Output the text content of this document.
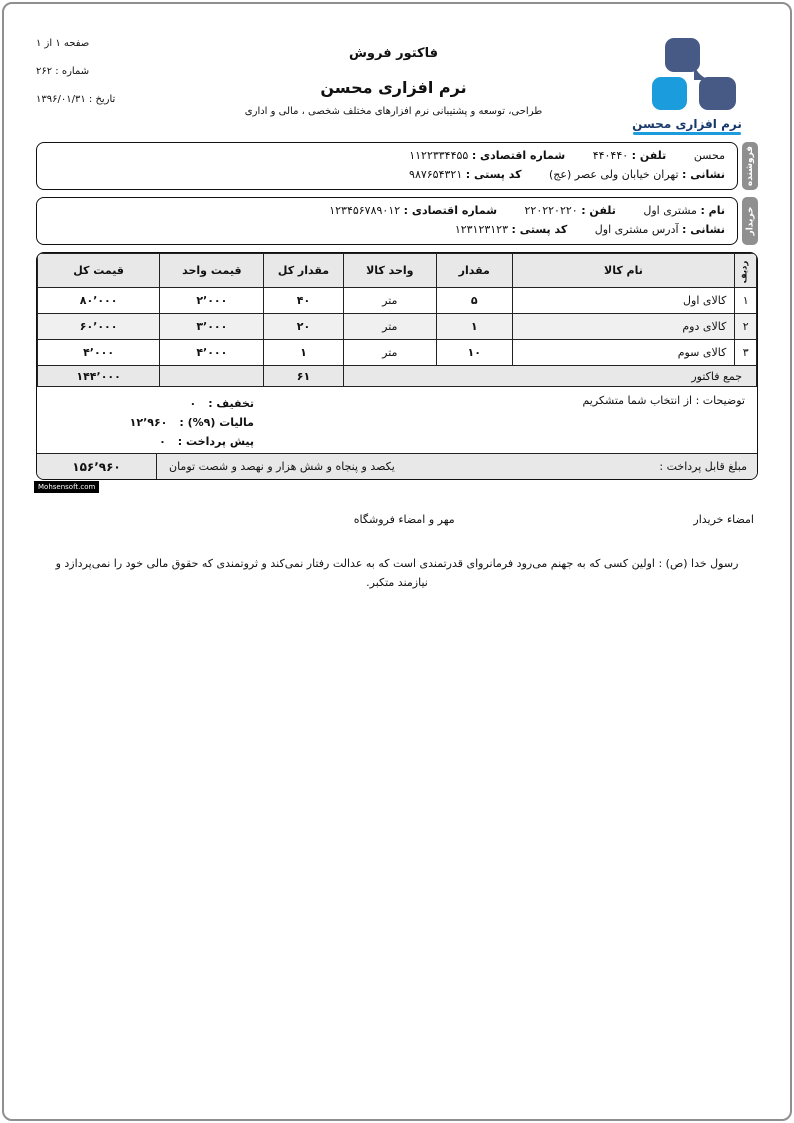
نرم افزاری محسن
فاکتور فروش
نرم افزاری محسن
طراحی، توسعه و پشتیبانی نرم افزارهای مختلف شخصی ، مالی و اداری
صفحه ۱ از ۱
شماره : ۲۶۲
تاریخ : ۱۳۹۶/۰۱/۳۱
محسن تلفن : ۴۴۰۴۴۰ شماره اقتصادی : ۱۱۲۲۳۳۴۴۵۵
نشانی : تهران خیابان ولی عصر (عج) کد پستی : ۹۸۷۶۵۴۳۲۱	فروشنده
نام : مشتری اول تلفن : ۲۲۰۲۲۰۲۲۰ شماره اقتصادی : ۱۲۳۴۵۶۷۸۹۰۱۲
نشانی : آدرس مشتری اول کد پستی : ۱۲۳۱۲۳۱۲۳	خریدار
ردیف	نام کالا	مقدار	واحد کالا	مقدار کل	قیمت واحد	قیمت کل
۱	کالای اول	۵	متر	۴۰	۲٬۰۰۰	۸۰٬۰۰۰
۲	کالای دوم	۱	متر	۲۰	۳٬۰۰۰	۶۰٬۰۰۰
۳	کالای سوم	۱۰	متر	۱	۴٬۰۰۰	۴٬۰۰۰
جمع فاکتور				۶۱		۱۴۴٬۰۰۰
توضیحات : از انتخاب شما متشکریم
تخفیف :۰
مالیات (۹%) :۱۲٬۹۶۰
پیش پرداخت :۰
مبلغ قابل پرداخت :
یکصد و پنجاه و شش هزار و نهصد و شصت تومان
۱۵۶٬۹۶۰
Mohsensoft.com
امضاء خریدار
مهر و امضاء فروشگاه
رسول خدا (ص) : اولین کسی که به جهنم می‌رود فرمانروای قدرتمندی است که به عدالت رفتار نمی‌کند و ثروتمندی که حقوق مالی خود را نمی‌پردازد و نیازمند متکبر.
